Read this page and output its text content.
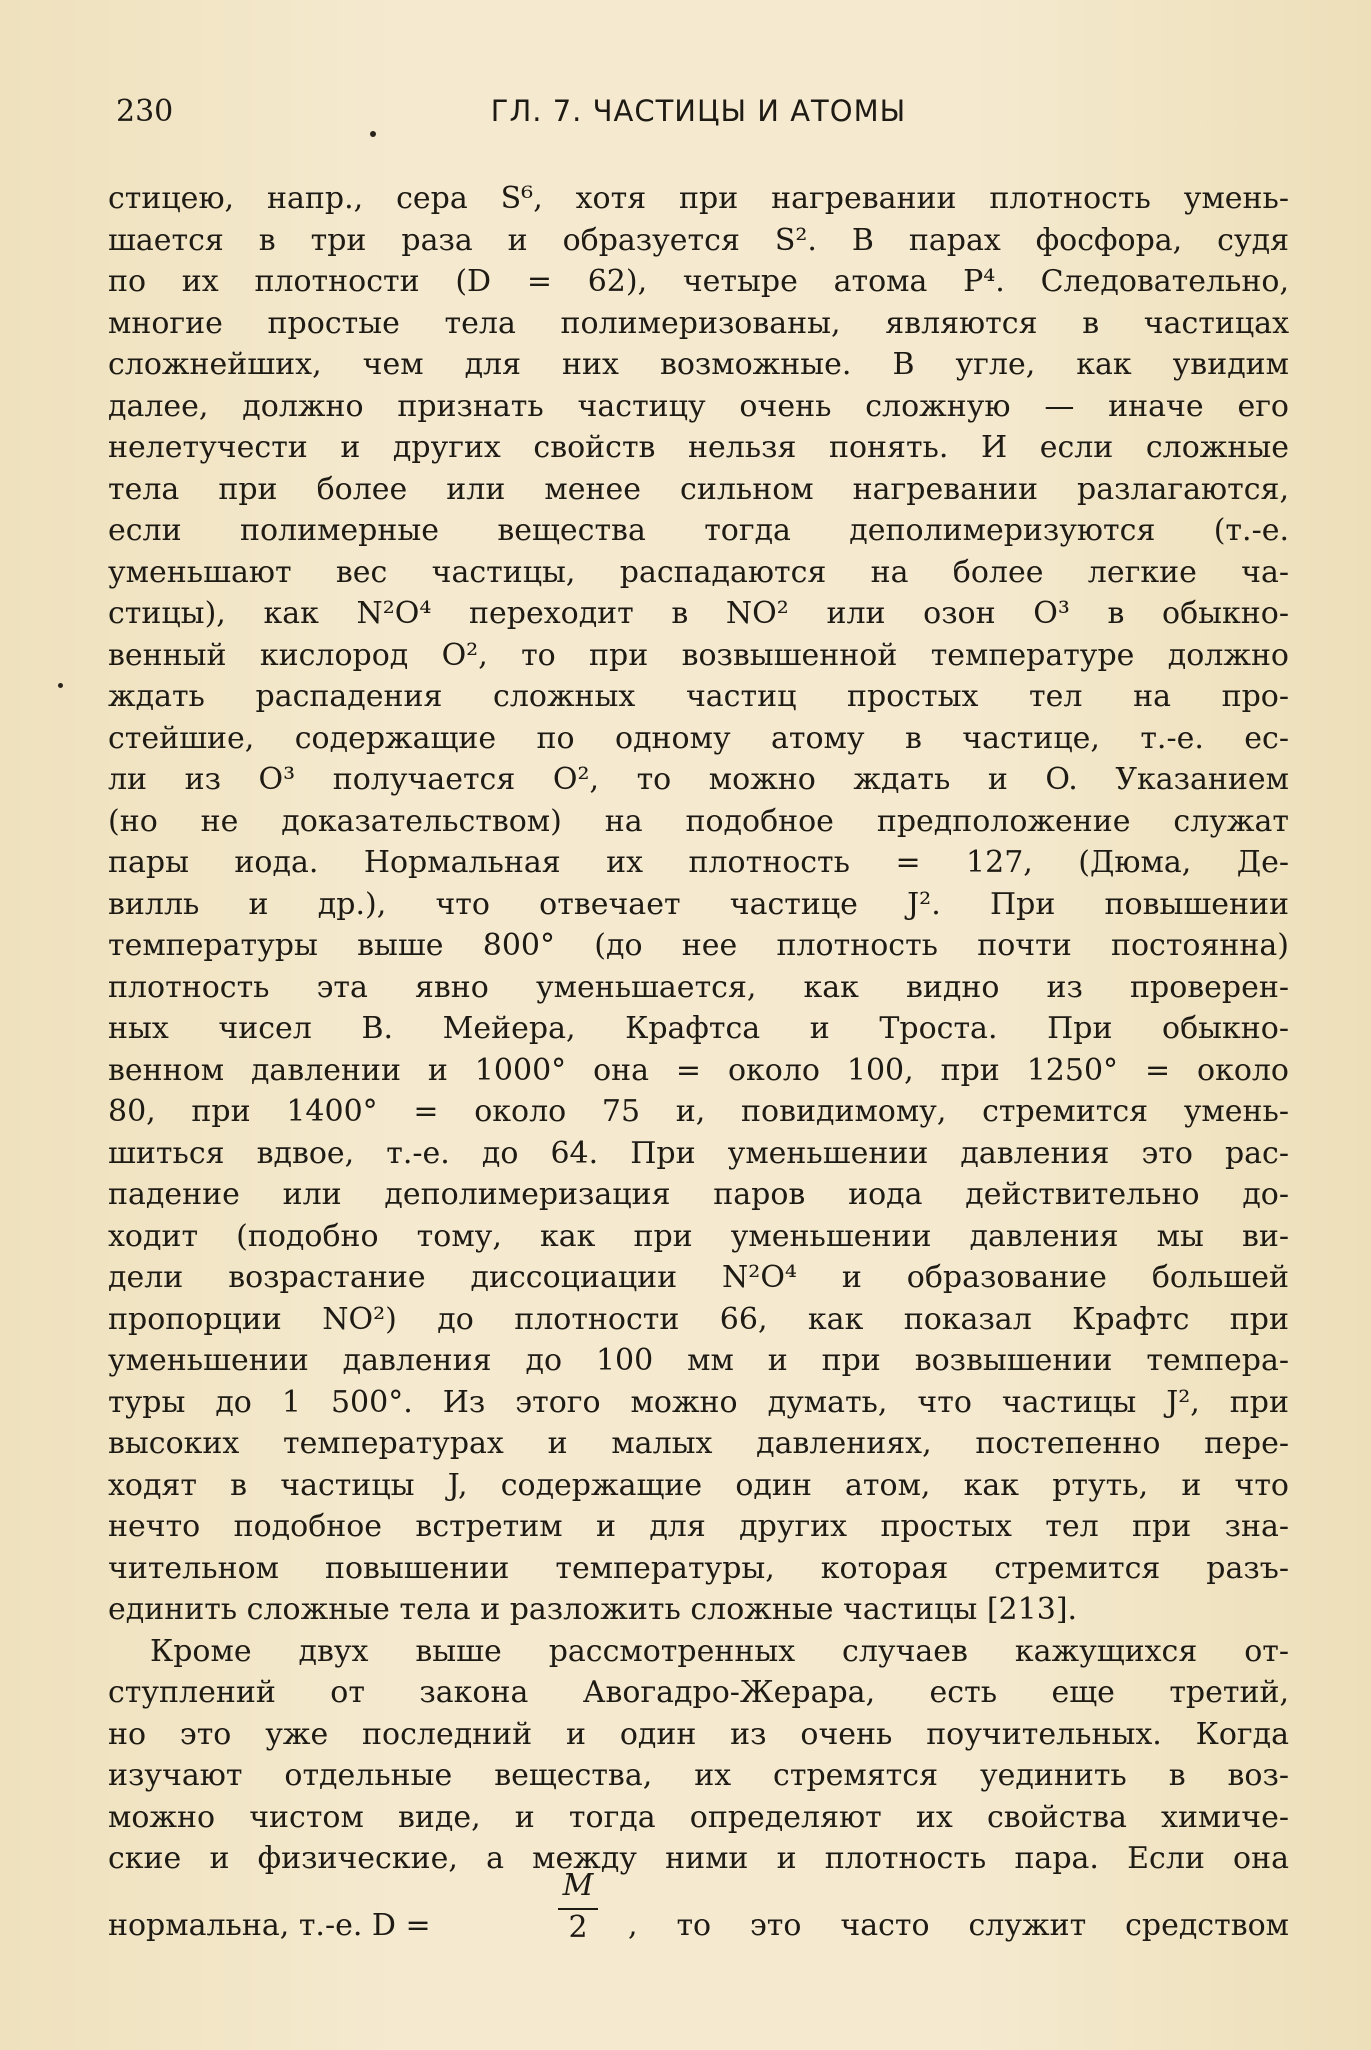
230	ГЛ. 7. ЧАСТИЦЫ И АТОМЫ
стицею, напр., сера S⁶, хотя при нагревании плотность умень-
шается в три раза и образуется S². В парах фосфора, судя
по их плотности (D = 62), четыре атома P⁴. Следовательно,
многие простые тела полимеризованы, являются в частицах
сложнейших, чем для них возможные. В угле, как увидим
далее, должно признать частицу очень сложную — иначе его
нелетучести и других свойств нельзя понять. И если сложные
тела при более или менее сильном нагревании разлагаются,
если полимерные вещества тогда деполимеризуются (т.-е.
уменьшают вес частицы, распадаются на более легкие ча-
стицы), как N²O⁴ переходит в NO² или озон O³ в обыкно-
венный кислород O², то при возвышенной температуре должно
ждать распадения сложных частиц простых тел на про-
стейшие, содержащие по одному атому в частице, т.-е. ес-
ли из O³ получается O², то можно ждать и O. Указанием
(но не доказательством) на подобное предположение служат
пары иода. Нормальная их плотность = 127, (Дюма, Де-
вилль и др.), что отвечает частице J². При повышении
температуры выше 800° (до нее плотность почти постоянна)
плотность эта явно уменьшается, как видно из проверен-
ных чисел В. Мейера, Крафтса и Троста. При обыкно-
венном давлении и 1000° она = около 100, при 1250° = около
80, при 1400° = около 75 и, повидимому, стремится умень-
шиться вдвое, т.-е. до 64. При уменьшении давления это рас-
падение или деполимеризация паров иода действительно до-
ходит (подобно тому, как при уменьшении давления мы ви-
дели возрастание диссоциации N²O⁴ и образование большей
пропорции NO²) до плотности 66, как показал Крафтс при
уменьшении давления до 100 мм и при возвышении темпера-
туры до 1 500°. Из этого можно думать, что частицы J², при
высоких температурах и малых давлениях, постепенно пере-
ходят в частицы J, содержащие один атом, как ртуть, и что
нечто подобное встретим и для других простых тел при зна-
чительном повышении температуры, которая стремится разъ-
единить сложные тела и разложить сложные частицы [213].
Кроме двух выше рассмотренных случаев кажущихся от-
ступлений от закона Авогадро-Жерара, есть еще третий,
но это уже последний и один из очень поучительных. Когда
изучают отдельные вещества, их стремятся уединить в воз-
можно чистом виде, и тогда определяют их свойства химиче-
ские и физические, а между ними и плотность пара. Если она
нормальна, т.-е. D =
M
2	, то это часто служит средством
